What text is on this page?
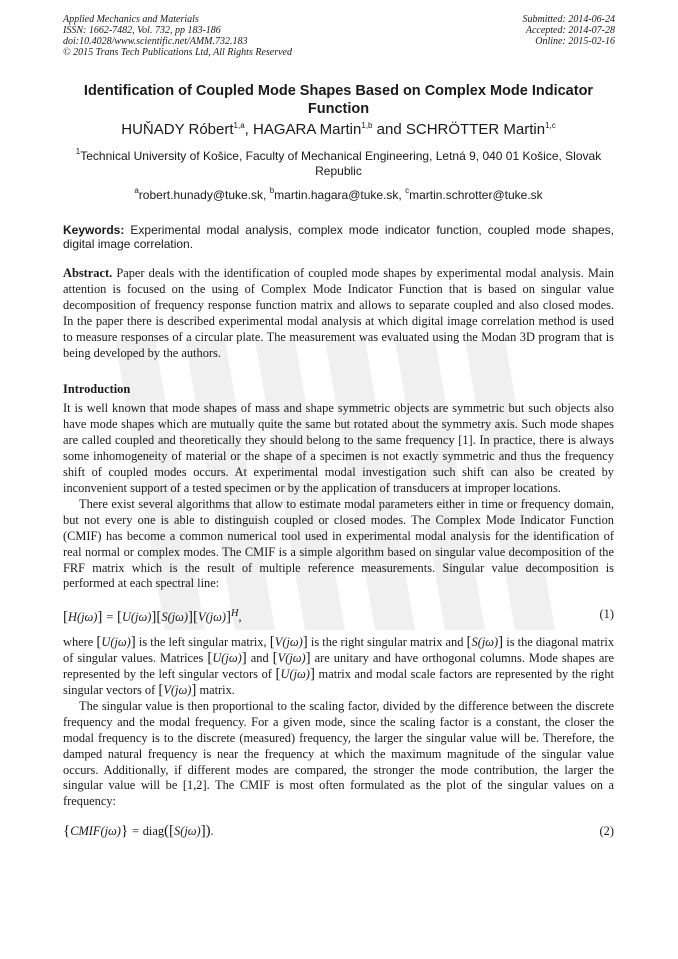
Applied Mechanics and Materials
ISSN: 1662-7482, Vol. 732, pp 183-186
doi:10.4028/www.scientific.net/AMM.732.183
© 2015 Trans Tech Publications Ltd, All Rights Reserved
Submitted: 2014-06-24
Accepted: 2014-07-28
Online: 2015-02-16
Identification of Coupled Mode Shapes Based on Complex Mode Indicator Function
HUŇADY Róbert$^{1,a}$, HAGARA Martin$^{1,b}$ and SCHRÖTTER Martin$^{1,c}$
$^1$Technical University of Košice, Faculty of Mechanical Engineering, Letná 9, 040 01 Košice, Slovak Republic
$^a$robert.hunady@tuke.sk, $^b$martin.hagara@tuke.sk, $^c$martin.schrotter@tuke.sk
Keywords: Experimental modal analysis, complex mode indicator function, coupled mode shapes, digital image correlation.

Abstract. Paper deals with the identification of coupled mode shapes by experimental modal analysis. Main attention is focused on the using of Complex Mode Indicator Function that is based on singular value decomposition of frequency response function matrix and allows to separate coupled and also closed modes. In the paper there is described experimental modal analysis at which digital image correlation method is used to measure responses of a circular plate. The measurement was evaluated using the Modan 3D program that is being developed by the authors.

Introduction

It is well known that mode shapes of mass and shape symmetric objects are symmetric but such objects also have mode shapes which are mutually quite the same but rotated about the symmetry axis. Such mode shapes are called coupled and theoretically they should belong to the same frequency [1]. In practice, there is always some inhomogeneity of material or the shape of a specimen is not exactly symmetric and thus the frequency shift of coupled modes occurs. At experimental modal investigation such shift can also be created by inconvenient support of a tested specimen or by the application of transducers at improper locations.

There exist several algorithms that allow to estimate modal parameters either in time or frequency domain, but not every one is able to distinguish coupled or closed modes. The Complex Mode Indicator Function (CMIF) has become a common numerical tool used in experimental modal analysis for the identification of real normal or complex modes. The CMIF is a simple algorithm based on singular value decomposition of the FRF matrix which is the result of multiple reference measurements. Singular value decomposition is performed at each spectral line:

$[H(j\omega)] = [U(j\omega)][S(j\omega)][V(j\omega)]^H$,	(1)

where [U(jω)] is the left singular matrix, [V(jω)] is the right singular matrix and [S(jω)] is the diagonal matrix of singular values. Matrices [U(jω)] and [V(jω)] are unitary and have orthogonal columns. Mode shapes are represented by the left singular vectors of [U(jω)] matrix and modal scale factors are represented by the right singular vectors of [V(jω)] matrix.

The singular value is then proportional to the scaling factor, divided by the difference between the discrete frequency and the modal frequency. For a given mode, since the scaling factor is a constant, the closer the modal frequency is to the discrete (measured) frequency, the larger the singular value will be. Therefore, the damped natural frequency is near the frequency at which the maximum magnitude of the singular value occurs. Additionally, if different modes are compared, the stronger the mode contribution, the larger the singular value will be [1,2]. The CMIF is most often formulated as the plot of the singular values on a frequency:

{CMIF(jω)} = diag([S(jω)]).	(2)
